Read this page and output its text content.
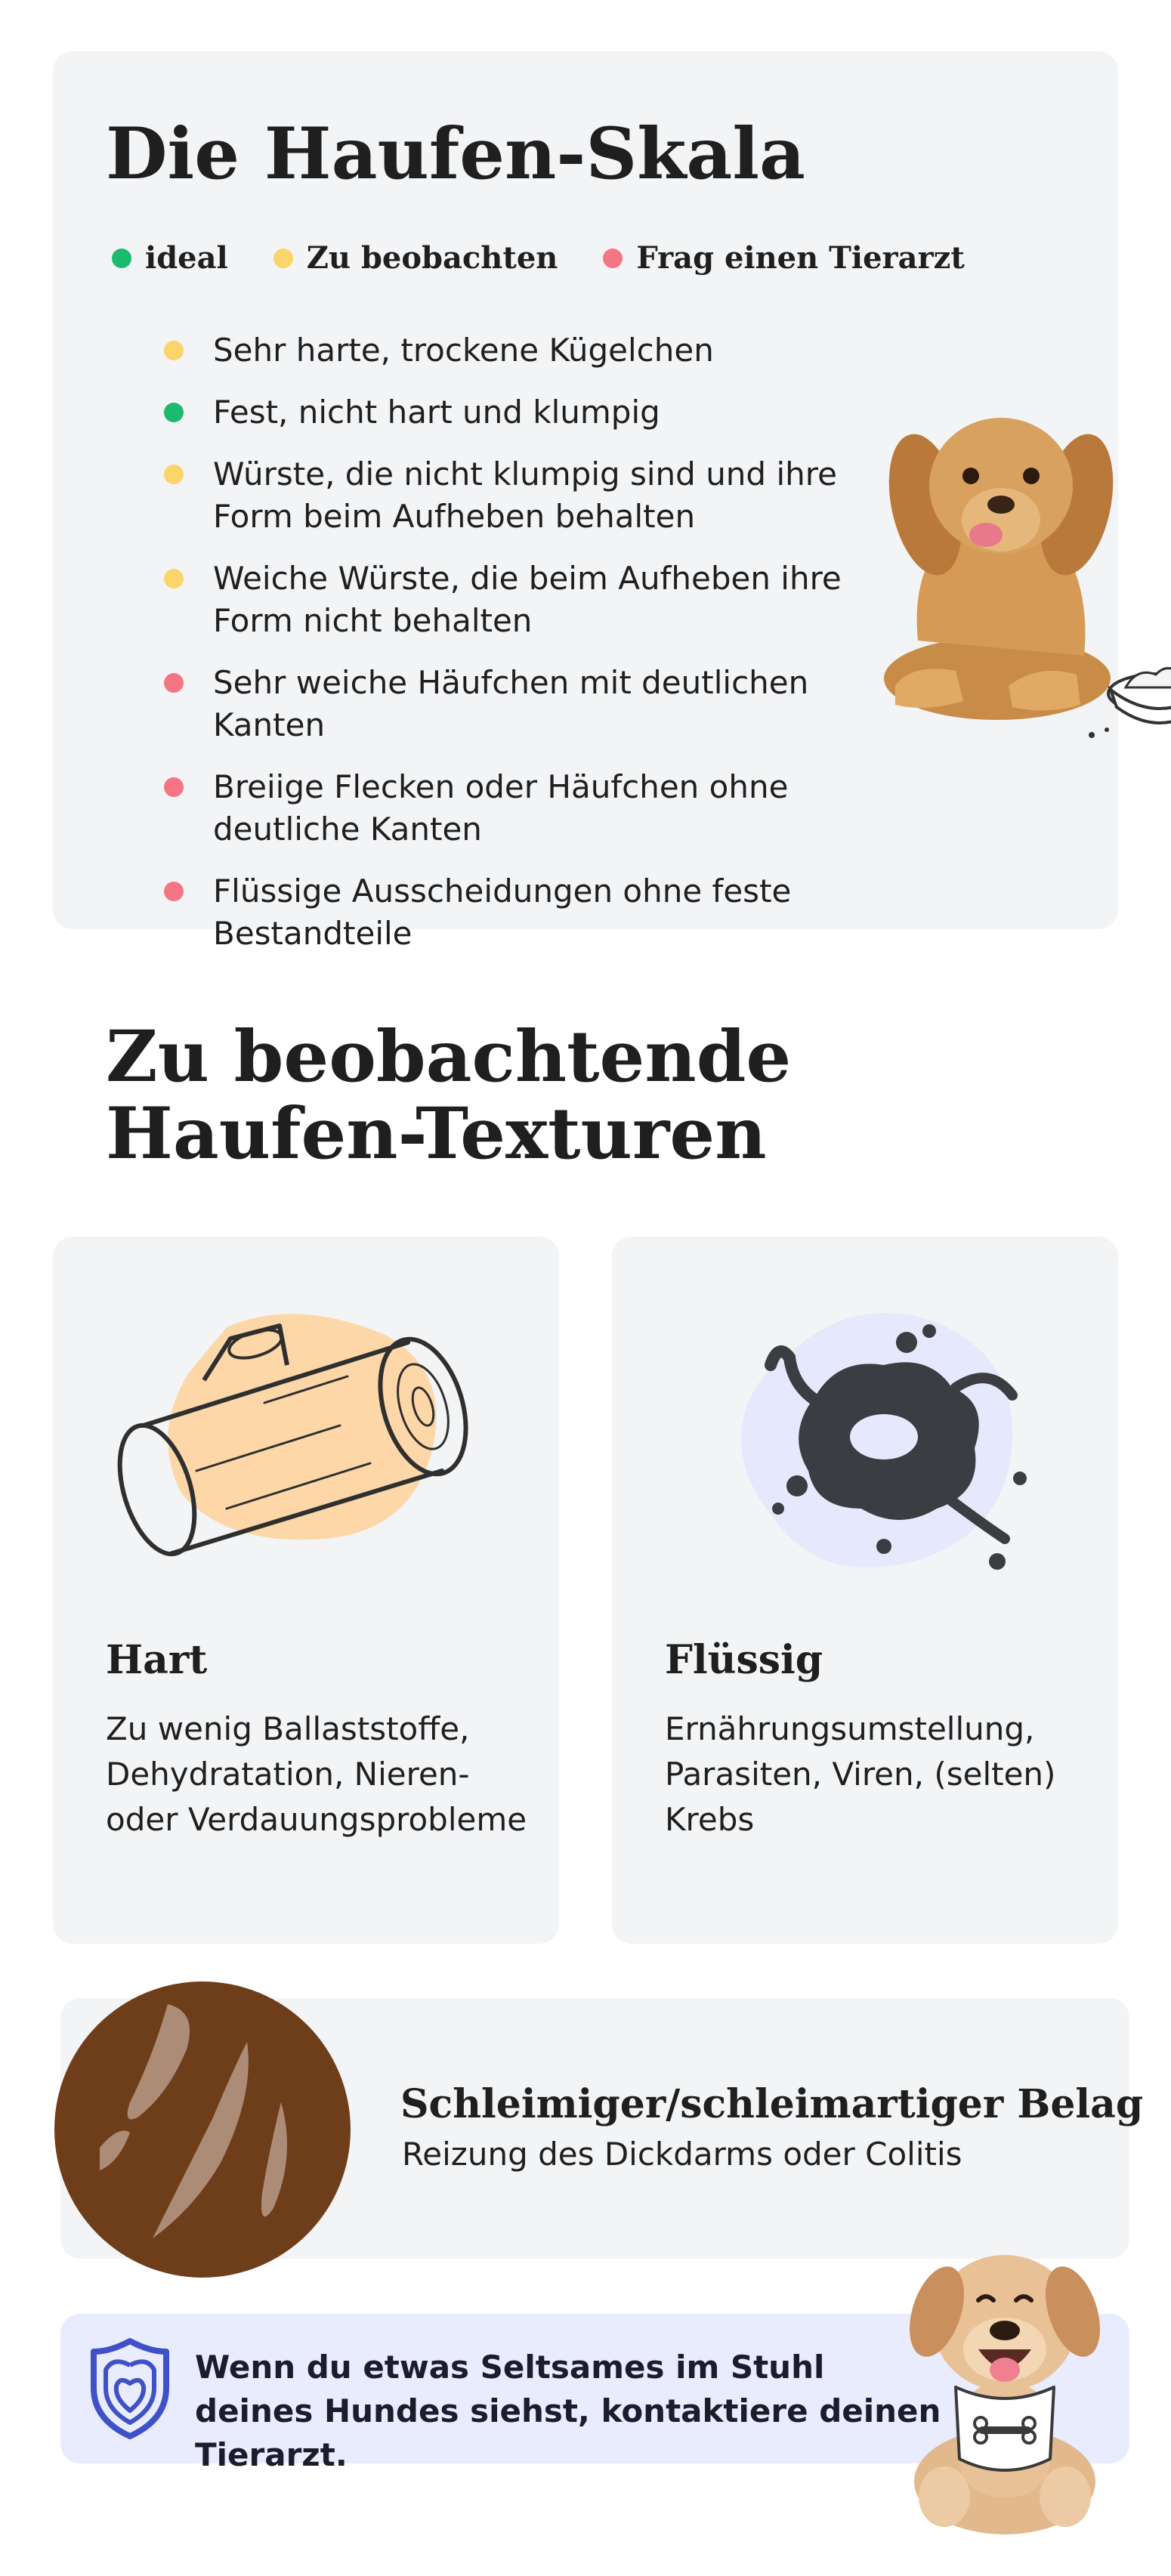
Die Haufen-Skala
ideal	Zu beobachten	Frag einen Tierarzt
Sehr harte, trockene Kügelchen
Fest, nicht hart und klumpig
Würste, die nicht klumpig sind und ihre Form beim Aufheben behalten
Weiche Würste, die beim Aufheben ihre Form nicht behalten
Sehr weiche Häufchen mit deutlichen Kanten
Breiige Flecken oder Häufchen ohne deutliche Kanten
Flüssige Ausscheidungen ohne feste Bestandteile
Zu beobachtende
Haufen-Texturen
Hart
Zu wenig Ballaststoffe, Dehydratation, Nieren- oder Verdauungsprobleme
Flüssig
Ernährungsumstellung, Parasiten, Viren, (selten) Krebs
Schleimiger/schleimartiger Belag
Reizung des Dickdarms oder Colitis
Wenn du etwas Seltsames im Stuhl deines Hundes siehst, kontaktiere deinen Tierarzt.
